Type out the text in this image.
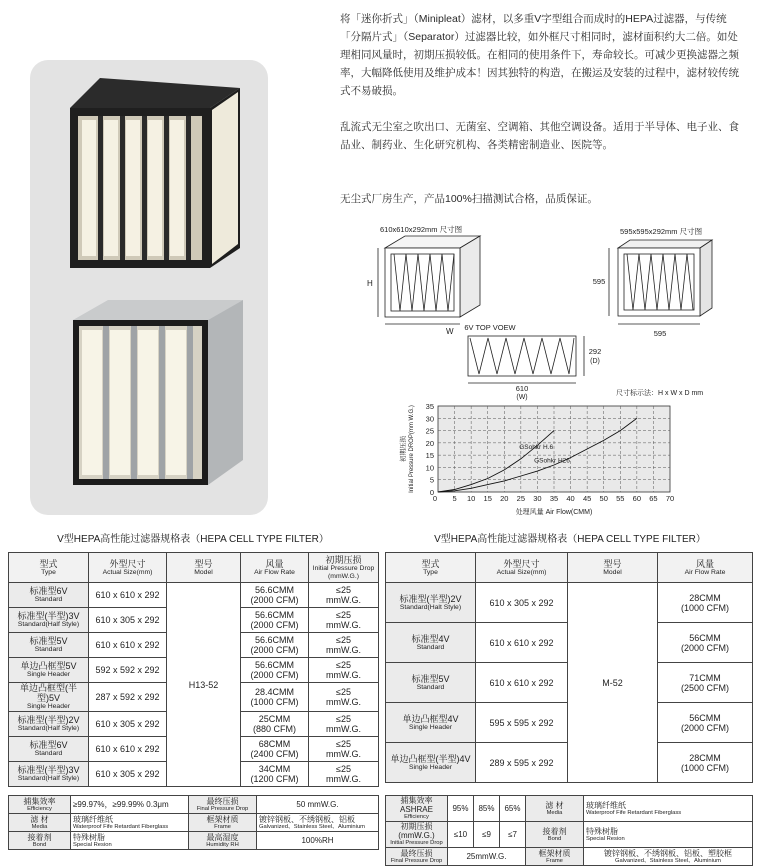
将「迷你折式」（Minipleat）滤材，以多重V字型组合而成时的HEPA过滤器，与传统「分隔片式」（Separator）过滤器比较，如外框尺寸相同时，滤材面积约大二倍。如处理相同风量时，初期压损较低。在相同的使用条件下，寿命较长。可减少更换滤器之频率，大幅降低使用及维护成本！因其独特的构造，在搬运及安装的过程中，滤材较传统式不易破损。
乱流式无尘室之吹出口、无菌室、空调箱、其他空调设备。适用于半导体、电子业、食品业、制药业、生化研究机构、各类精密制造业、医院等。
无尘式厂房生产，产品100%扫描测试合格，品质保证。
610x610x292mm 尺寸图
H
W
595x595x292mm 尺寸图
595
595
6V TOP VOEW
292
(D)
610
(W)
尺寸标示法：H x W x D mm
0
5
10
15
20
25
30
35
5 10 15 20 25 30 35 40 45 50 55 60 65 70
0
GSohkr H.6
GSohkr H26
处理风量 Air Flow(CMM)
Initial Pressure DROP(mm W.G.)
初期压损
V型HEPA高性能过滤器规格表（HEPA CELL TYPE FILTER）
型式
Type	外型尺寸
Actual Size(mm)	型号
Model	风量
Air Flow Rate	初期压损
Initial Pressure Drop
(mmW.G.)

标准型6V
Standard	610 x 610 x 292	H13-52	56.6CMM
(2000 CFM)	≤25
mmW.G.

标准型(半型)3V
Standard(Half Style)	610 x 305 x 292		56.6CMM
(2000 CFM)	≤25
mmW.G.

标准型5V
Standard	610 x 610 x 292		56.6CMM
(2000 CFM)	≤25
mmW.G.

单边凸框型5V
Single Header	592 x 592 x 292		56.6CMM
(2000 CFM)	≤25
mmW.G.

单边凸框型(半型)5V
Single Header	287 x 592 x 292		28.4CMM
(1000 CFM)	≤25
mmW.G.

标准型(半型)2V
Standard(Half Style)	610 x 305 x 292		25CMM
(880 CFM)	≤25
mmW.G.

标准型6V
Standard	610 x 610 x 292		68CMM
(2400 CFM)	≤25
mmW.G.

标准型(半型)3V
Standard(Half Style)	610 x 305 x 292		34CMM
(1200 CFM)	≤25
mmW.G.
捕集效率
Efficiency	≥99.97%，≥99.99% 0.3μm	最终压损
Final Pressure Drop	50 mmW.G.

滤 材
Media	玻璃纤维纸
Waterproof Fife Retardant Fiberglass	框架材质
Frame	镀锌钢板、不绣钢板、铝板
Galvanized、Stainless Steel、Aluminium

接着剂
Bond	特殊树脂
Special Resion	最高湿度
Humidity RH	100%RH
V型HEPA高性能过滤器规格表（HEPA CELL TYPE FILTER）
型式
Type	外型尺寸
Actual Size(mm)	型号
Model	风量
Air Flow Rate

标准型(半型)2V
Standard(Halt Style)	610 x 305 x 292	M-52	28CMM
(1000 CFM)

标准型4V
Standard	610 x 610 x 292		56CMM
(2000 CFM)

标准型5V
Standard	610 x 610 x 292		71CMM
(2500 CFM)

单边凸框型4V
Single Header	595 x 595 x 292		56CMM
(2000 CFM)

单边凸框型(半型)4V
Single Header	289 x 595 x 292		28CMM
(1000 CFM)
捕集效率ASHRAE
Efficiency	95%	85%	65%	滤 材
Media	玻璃纤维纸
Waterproof Fife Retardant Fiberglass

初期压损(mmW.G.)
Initial Pressure Drop	≤10	≤9	≤7	接着剂
Bond	特殊树脂
Special Resion

最终压损
Final Pressure Drop	25mmW.G.			框架材质
Frame	镀锌钢板、不绣钢板、铝板、塑胶框
Galvanized、Stainless Steel、Aluminium
